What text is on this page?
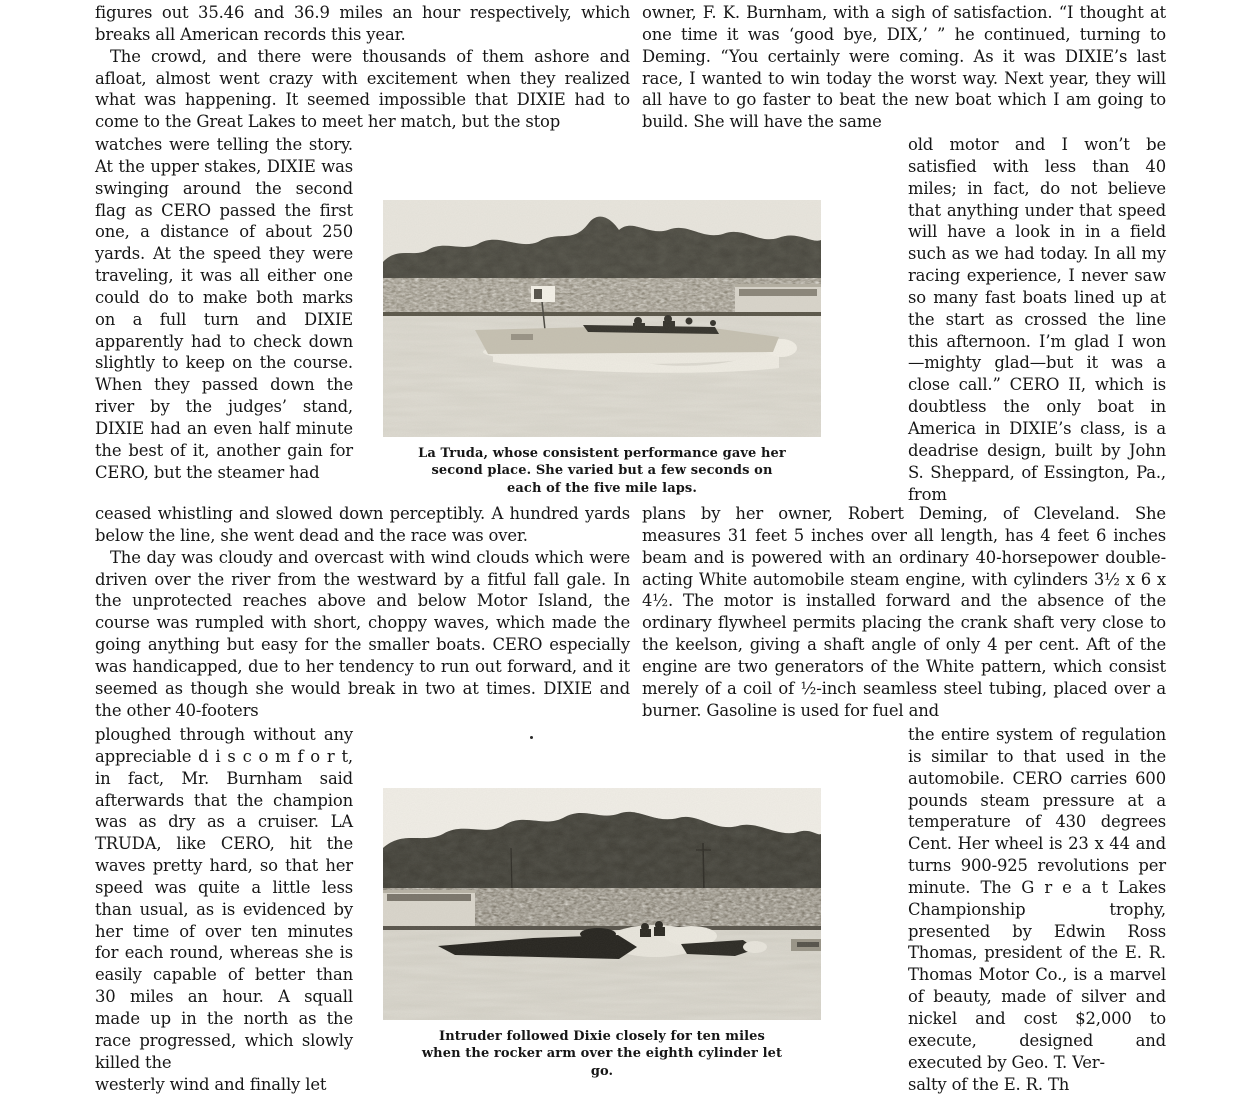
figures out 35.46 and 36.9 miles an hour respectively, which breaks all American records this year.

The crowd, and there were thousands of them ashore and afloat, almost went crazy with excitement when they realized what was happening. It seemed impossible that DIXIE had to come to the Great Lakes to meet her match, but the stop

watches were telling the story. At the upper stakes, DIXIE was swinging around the second flag as CERO passed the first one, a distance of about 250 yards. At the speed they were traveling, it was all either one could do to make both marks on a full turn and DIXIE apparently had to check down slightly to keep on the course. When they passed down the river by the judges’ stand, DIXIE had an even half minute the best of it, another gain for CERO, but the steamer had

ceased whistling and slowed down perceptibly. A hundred yards below the line, she went dead and the race was over.

The day was cloudy and overcast with wind clouds which were driven over the river from the westward by a fitful fall gale. In the unprotected reaches above and below Motor Island, the course was rumpled with short, choppy waves, which made the going anything but easy for the smaller boats. CERO especially was handicapped, due to her tendency to run out forward, and it seemed as though she would break in two at times. DIXIE and the other 40-footers

ploughed through without any appreciable d i s c o m f o r t, in fact, Mr. Burnham said afterwards that the champion was as dry as a cruiser. LA TRUDA, like CERO, hit the waves pretty hard, so that her speed was quite a little less than usual, as is evidenced by her time of over ten minutes for each round, whereas she is easily capable of better than 30 miles an hour. A squall made up in the north as the race progressed, which slowly killed the

westerly wind and finally let

owner, F. K. Burnham, with a sigh of satisfaction. “I thought at one time it was ‘good bye, DIX,’ ” he continued, turning to Deming. “You certainly were coming. As it was DIXIE’s last race, I wanted to win today the worst way. Next year, they will all have to go faster to beat the new boat which I am going to build. She will have the same

old motor and I won’t be satisfied with less than 40 miles; in fact, do not believe that anything under that speed will have a look in in a field such as we had today. In all my racing experience, I never saw so many fast boats lined up at the start as crossed the line this afternoon. I’m glad I won—mighty glad—but it was a close call.” CERO II, which is doubtless the only boat in America in DIXIE’s class, is a deadrise design, built by John S. Sheppard, of Essington, Pa., from

plans by her owner, Robert Deming, of Cleveland. She measures 31 feet 5 inches over all length, has 4 feet 6 inches beam and is powered with an ordinary 40-horsepower double-acting White automobile steam engine, with cylinders 3½ x 6 x 4½. The motor is installed forward and the absence of the ordinary flywheel permits placing the crank shaft very close to the keelson, giving a shaft angle of only 4 per cent. Aft of the engine are two generators of the White pattern, which consist merely of a coil of ½-inch seamless steel tubing, placed over a burner. Gasoline is used for fuel and

the entire system of regulation is similar to that used in the automobile. CERO carries 600 pounds steam pressure at a temperature of 430 degrees Cent. Her wheel is 23 x 44 and turns 900-925 revolutions per minute. The G r e a t Lakes Championship trophy, presented by Edwin Ross Thomas, president of the E. R. Thomas Motor Co., is a marvel of beauty, made of silver and nickel and cost $2,000 to execute, designed and executed by Geo. T. Ver-

salty of the E. R. Th

La Truda, whose consistent performance gave her second place. She varied but a few seconds on each of the five mile laps.
Intruder followed Dixie closely for ten miles when the rocker arm over the eighth cylinder let go.
